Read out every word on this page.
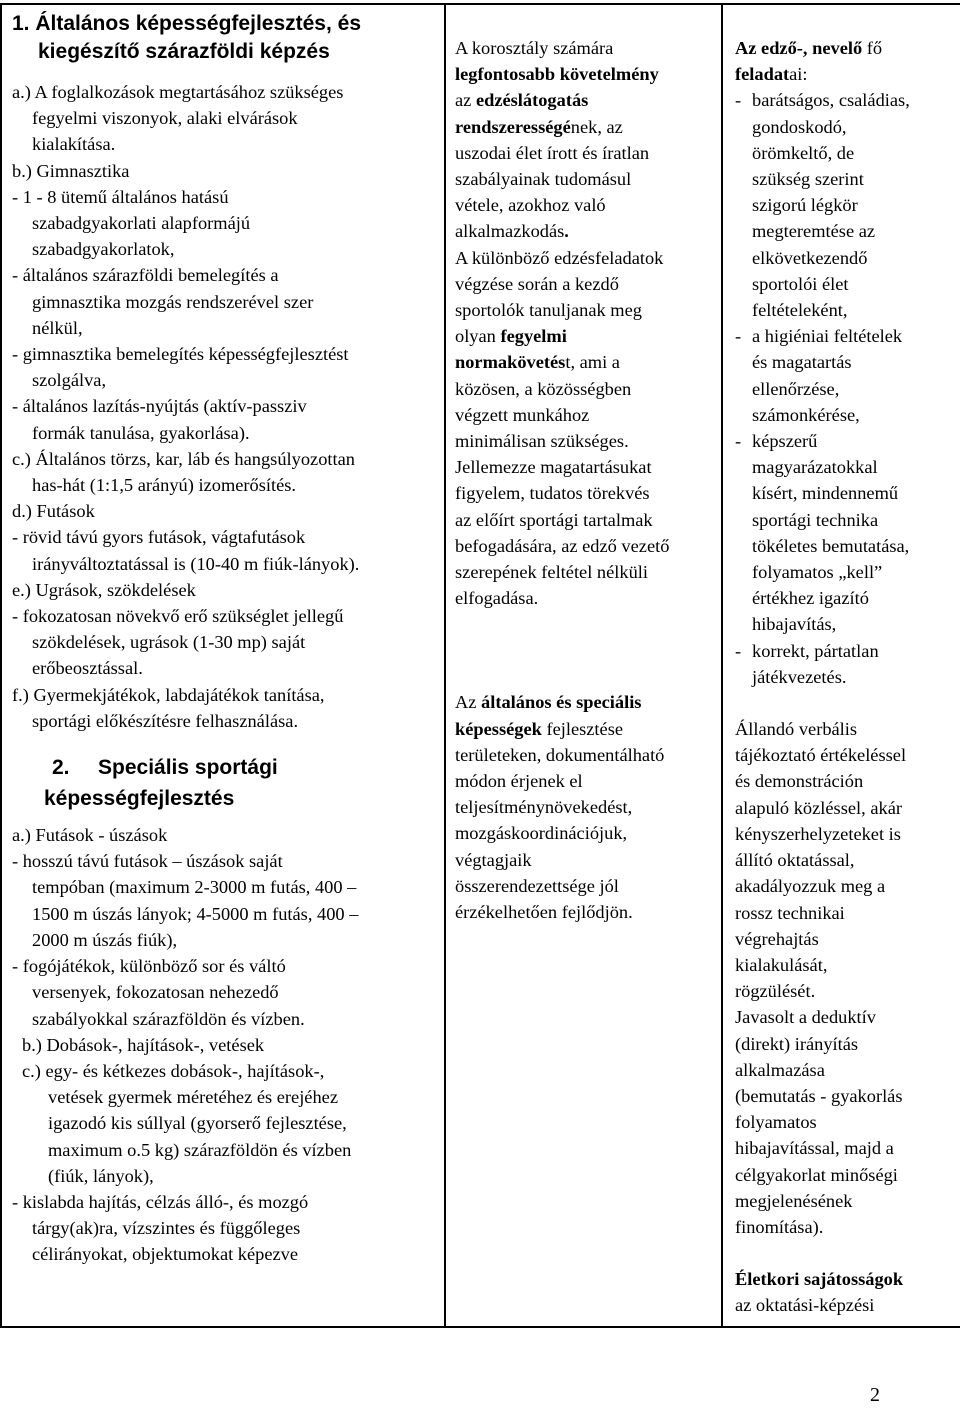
1. Általános képességfejlesztés, és
kiegészítő szárazföldi képzés
a.) A foglalkozások megtartásához szükséges
fegyelmi viszonyok, alaki elvárások
kialakítása.
b.) Gimnasztika
- 1 - 8 ütemű általános hatású
szabadgyakorlati alapformájú
szabadgyakorlatok,
- általános szárazföldi bemelegítés a
gimnasztika mozgás rendszerével szer
nélkül,
- gimnasztika bemelegítés képességfejlesztést
szolgálva,
- általános lazítás-nyújtás (aktív-passziv
formák tanulása, gyakorlása).
c.) Általános törzs, kar, láb és hangsúlyozottan
has-hát (1:1,5 arányú) izomerősítés.
d.) Futások
- rövid távú gyors futások, vágtafutások
irányváltoztatással is (10-40 m fiúk-lányok).
e.) Ugrások, szökdelések
- fokozatosan növekvő erő szükséglet jellegű
szökdelések, ugrások (1-30 mp) saját
erőbeosztással.
f.) Gyermekjátékok, labdajátékok tanítása,
sportági előkészítésre felhasználása.
2. Speciális sportági
képességfejlesztés
a.) Futások - úszások
- hosszú távú futások – úszások saját
tempóban (maximum 2-3000 m futás, 400 –
1500 m úszás lányok; 4-5000 m futás, 400 –
2000 m úszás fiúk),
- fogójátékok, különböző sor és váltó
versenyek, fokozatosan nehezedő
szabályokkal szárazföldön és vízben.
b.) Dobások-, hajítások-, vetések
c.) egy- és kétkezes dobások-, hajítások-,
vetések gyermek méretéhez és erejéhez
igazodó kis súllyal (gyorserő fejlesztése,
maximum o.5 kg) szárazföldön és vízben
(fiúk, lányok),
- kislabda hajítás, célzás álló-, és mozgó
tárgy(ak)ra, vízszintes és függőleges
célirányokat, objektumokat képezve

A korosztály számára
legfontosabb követelmény
az edzéslátogatás
rendszerességének, az
uszodai élet írott és íratlan
szabályainak tudomásul
vétele, azokhoz való
alkalmazkodás.
A különböző edzésfeladatok
végzése során a kezdő
sportolók tanuljanak meg
olyan fegyelmi
normakövetést, ami a
közösen, a közösségben
végzett munkához
minimálisan szükséges.
Jellemezze magatartásukat
figyelem, tudatos törekvés
az előírt sportági tartalmak
befogadására, az edző vezető
szerepének feltétel nélküli
elfogadása.
Az általános és speciális
képességek fejlesztése
területeken, dokumentálható
módon érjenek el
teljesítménynövekedést,
mozgáskoordinációjuk,
végtagjaik
összerendezettsége jól
érzékelhetően fejlődjön.

Az edző-, nevelő fő
feladatai:
- barátságos, családias,
gondoskodó,
örömkeltő, de
szükség szerint
szigorú légkör
megteremtése az
elkövetkezendő
sportolói élet
feltételeként,
- a higiéniai feltételek
és magatartás
ellenőrzése,
számonkérése,
- képszerű
magyarázatokkal
kísért, mindennemű
sportági technika
tökéletes bemutatása,
folyamatos „kell”
értékhez igazító
hibajavítás,
- korrekt, pártatlan
játékvezetés.
Állandó verbális
tájékoztató értékeléssel
és demonstráción
alapuló közléssel, akár
kényszerhelyzeteket is
állító oktatással,
akadályozzuk meg a
rossz technikai
végrehajtás
kialakulását,
rögzülését.
Javasolt a deduktív
(direkt) irányítás
alkalmazása
(bemutatás - gyakorlás
folyamatos
hibajavítással, majd a
célgyakorlat minőségi
megjelenésének
finomítása).
Életkori sajátosságok
az oktatási-képzési
2
